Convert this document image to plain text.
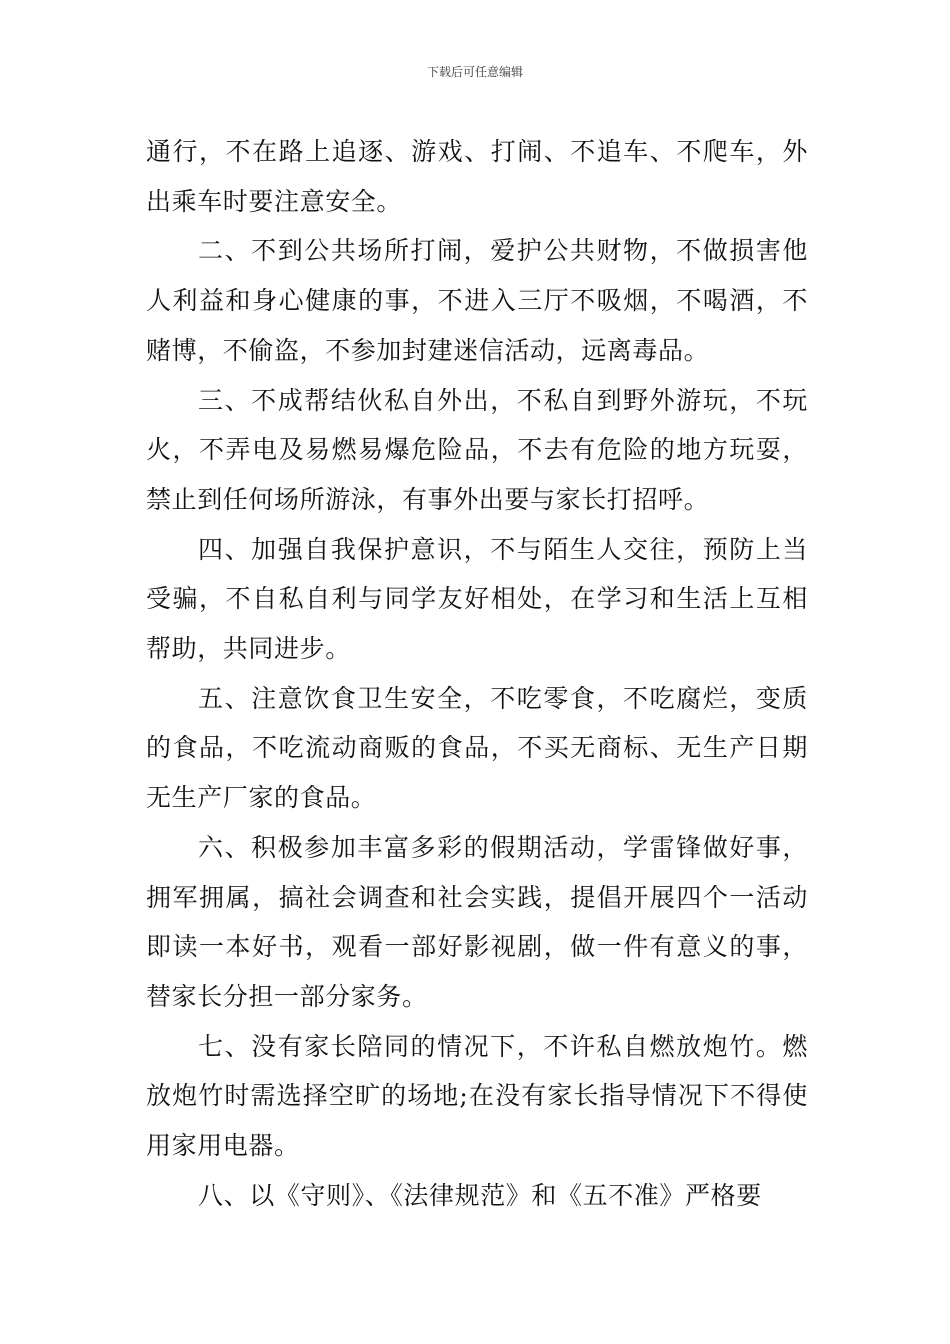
下载后可任意编辑

通行，不在路上追逐、游戏、打闹、不追车、不爬车，外出乘车时要注意安全。

二、不到公共场所打闹，爱护公共财物，不做损害他人利益和身心健康的事，不进入三厅不吸烟，不喝酒，不赌博，不偷盗，不参加封建迷信活动，远离毒品。

三、不成帮结伙私自外出，不私自到野外游玩，不玩火，不弄电及易燃易爆危险品，不去有危险的地方玩耍，禁止到任何场所游泳，有事外出要与家长打招呼。

四、加强自我保护意识，不与陌生人交往，预防上当受骗，不自私自利与同学友好相处，在学习和生活上互相帮助，共同进步。

五、注意饮食卫生安全，不吃零食，不吃腐烂，变质的食品，不吃流动商贩的食品，不买无商标、无生产日期无生产厂家的食品。

六、积极参加丰富多彩的假期活动，学雷锋做好事，拥军拥属，搞社会调查和社会实践，提倡开展四个一活动即读一本好书，观看一部好影视剧，做一件有意义的事，替家长分担一部分家务。

七、没有家长陪同的情况下，不许私自燃放炮竹。燃放炮竹时需选择空旷的场地;在没有家长指导情况下不得使用家用电器。

八、以《守则》、《法律规范》和《五不准》严格要
